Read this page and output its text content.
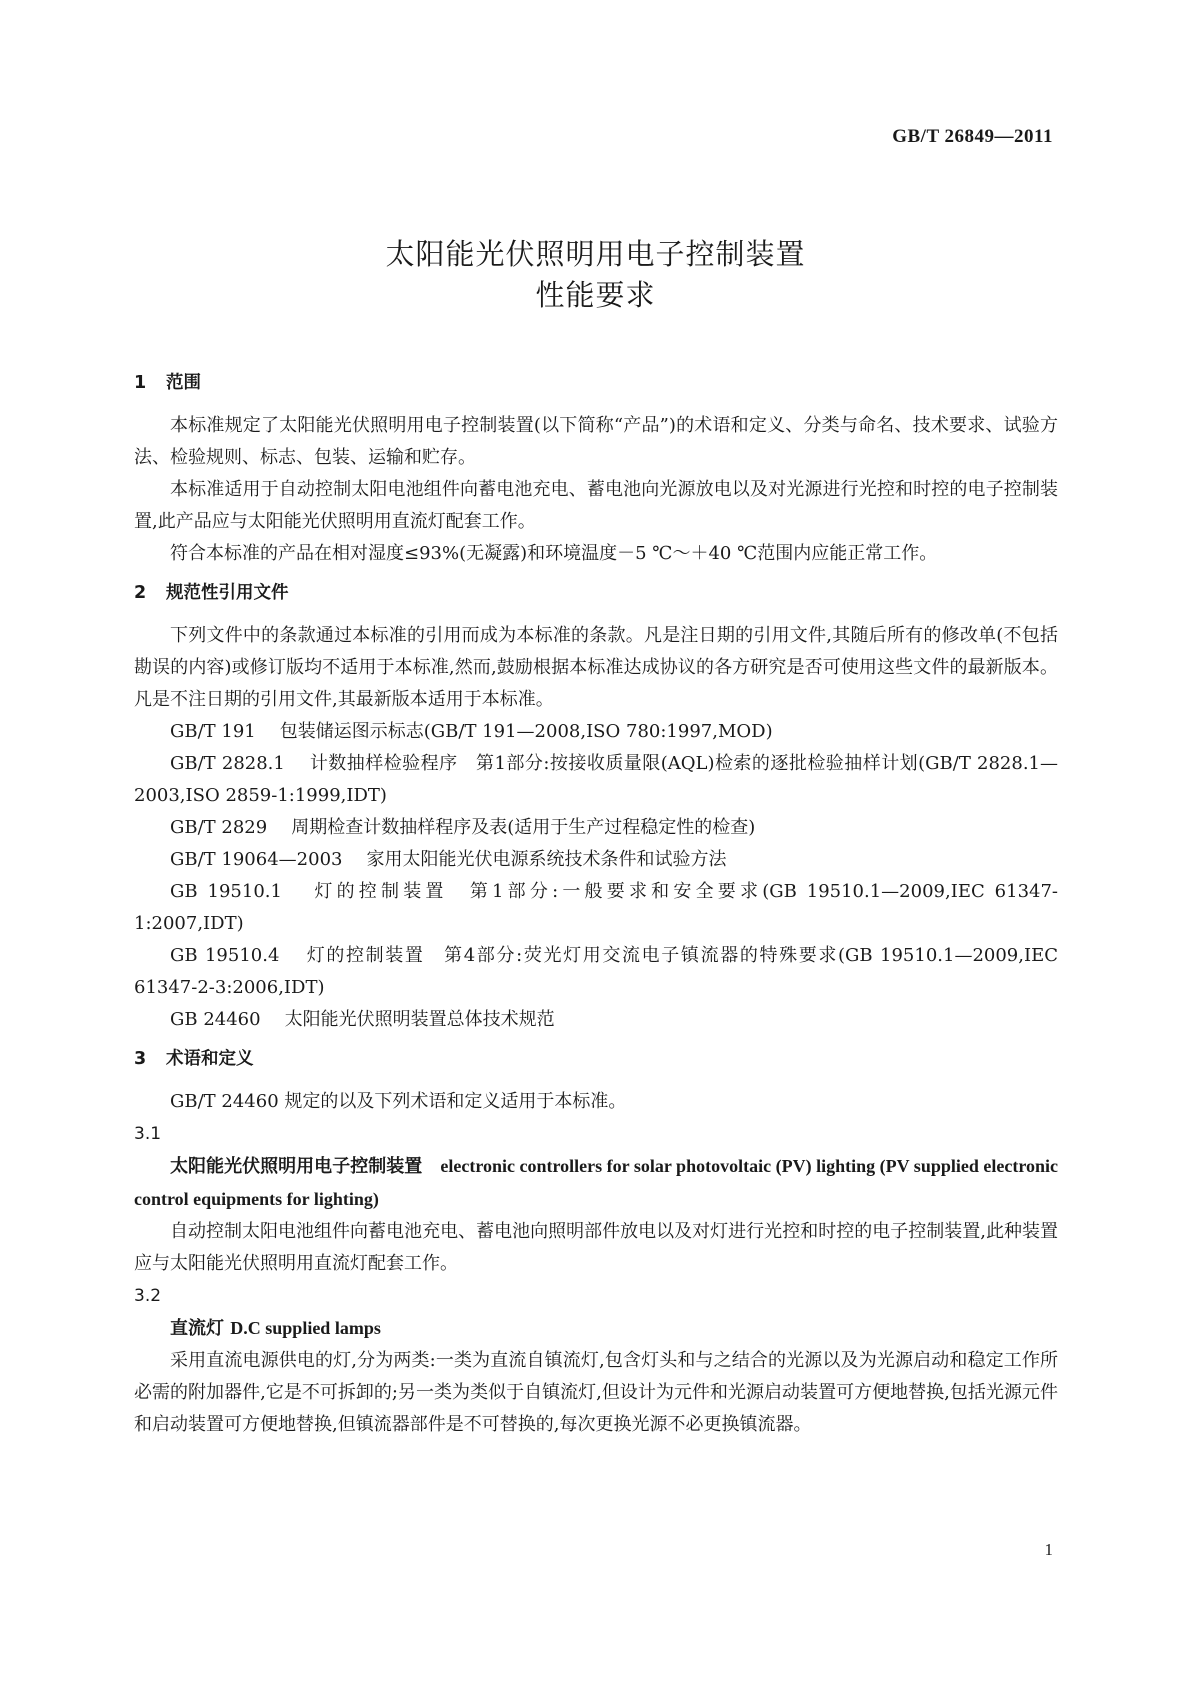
GB/T 26849—2011
太阳能光伏照明用电子控制装置
性能要求
1 范围

本标准规定了太阳能光伏照明用电子控制装置(以下简称“产品”)的术语和定义、分类与命名、技术要求、试验方法、检验规则、标志、包装、运输和贮存。

本标准适用于自动控制太阳电池组件向蓄电池充电、蓄电池向光源放电以及对光源进行光控和时控的电子控制装置,此产品应与太阳能光伏照明用直流灯配套工作。

符合本标准的产品在相对湿度≤93%(无凝露)和环境温度－5 ℃～＋40 ℃范围内应能正常工作。

2 规范性引用文件

下列文件中的条款通过本标准的引用而成为本标准的条款。凡是注日期的引用文件,其随后所有的修改单(不包括勘误的内容)或修订版均不适用于本标准,然而,鼓励根据本标准达成协议的各方研究是否可使用这些文件的最新版本。凡是不注日期的引用文件,其最新版本适用于本标准。

GB/T 191　 包装储运图示标志(GB/T 191—2008,ISO 780:1997,MOD)

GB/T 2828.1　 计数抽样检验程序　第1部分:按接收质量限(AQL)检索的逐批检验抽样计划(GB/T 2828.1—2003,ISO 2859-1:1999,IDT)

GB/T 2829　 周期检查计数抽样程序及表(适用于生产过程稳定性的检查)

GB/T 19064—2003　 家用太阳能光伏电源系统技术条件和试验方法

GB 19510.1　 灯的控制装置　第1部分:一般要求和安全要求(GB 19510.1—2009,IEC 61347-1:2007,IDT)

GB 19510.4　 灯的控制装置　第4部分:荧光灯用交流电子镇流器的特殊要求(GB 19510.1—2009,IEC 61347-2-3:2006,IDT)

GB 24460　 太阳能光伏照明装置总体技术规范

3 术语和定义

GB/T 24460 规定的以及下列术语和定义适用于本标准。

3.1
太阳能光伏照明用电子控制装置　 electronic controllers for solar photovoltaic (PV) lighting (PV supplied electronic control equipments for lighting)

自动控制太阳电池组件向蓄电池充电、蓄电池向照明部件放电以及对灯进行光控和时控的电子控制装置,此种装置应与太阳能光伏照明用直流灯配套工作。

3.2
直流灯 D.C supplied lamps

采用直流电源供电的灯,分为两类:一类为直流自镇流灯,包含灯头和与之结合的光源以及为光源启动和稳定工作所必需的附加器件,它是不可拆卸的;另一类为类似于自镇流灯,但设计为元件和光源启动装置可方便地替换,包括光源元件和启动装置可方便地替换,但镇流器部件是不可替换的,每次更换光源不必更换镇流器。

1
